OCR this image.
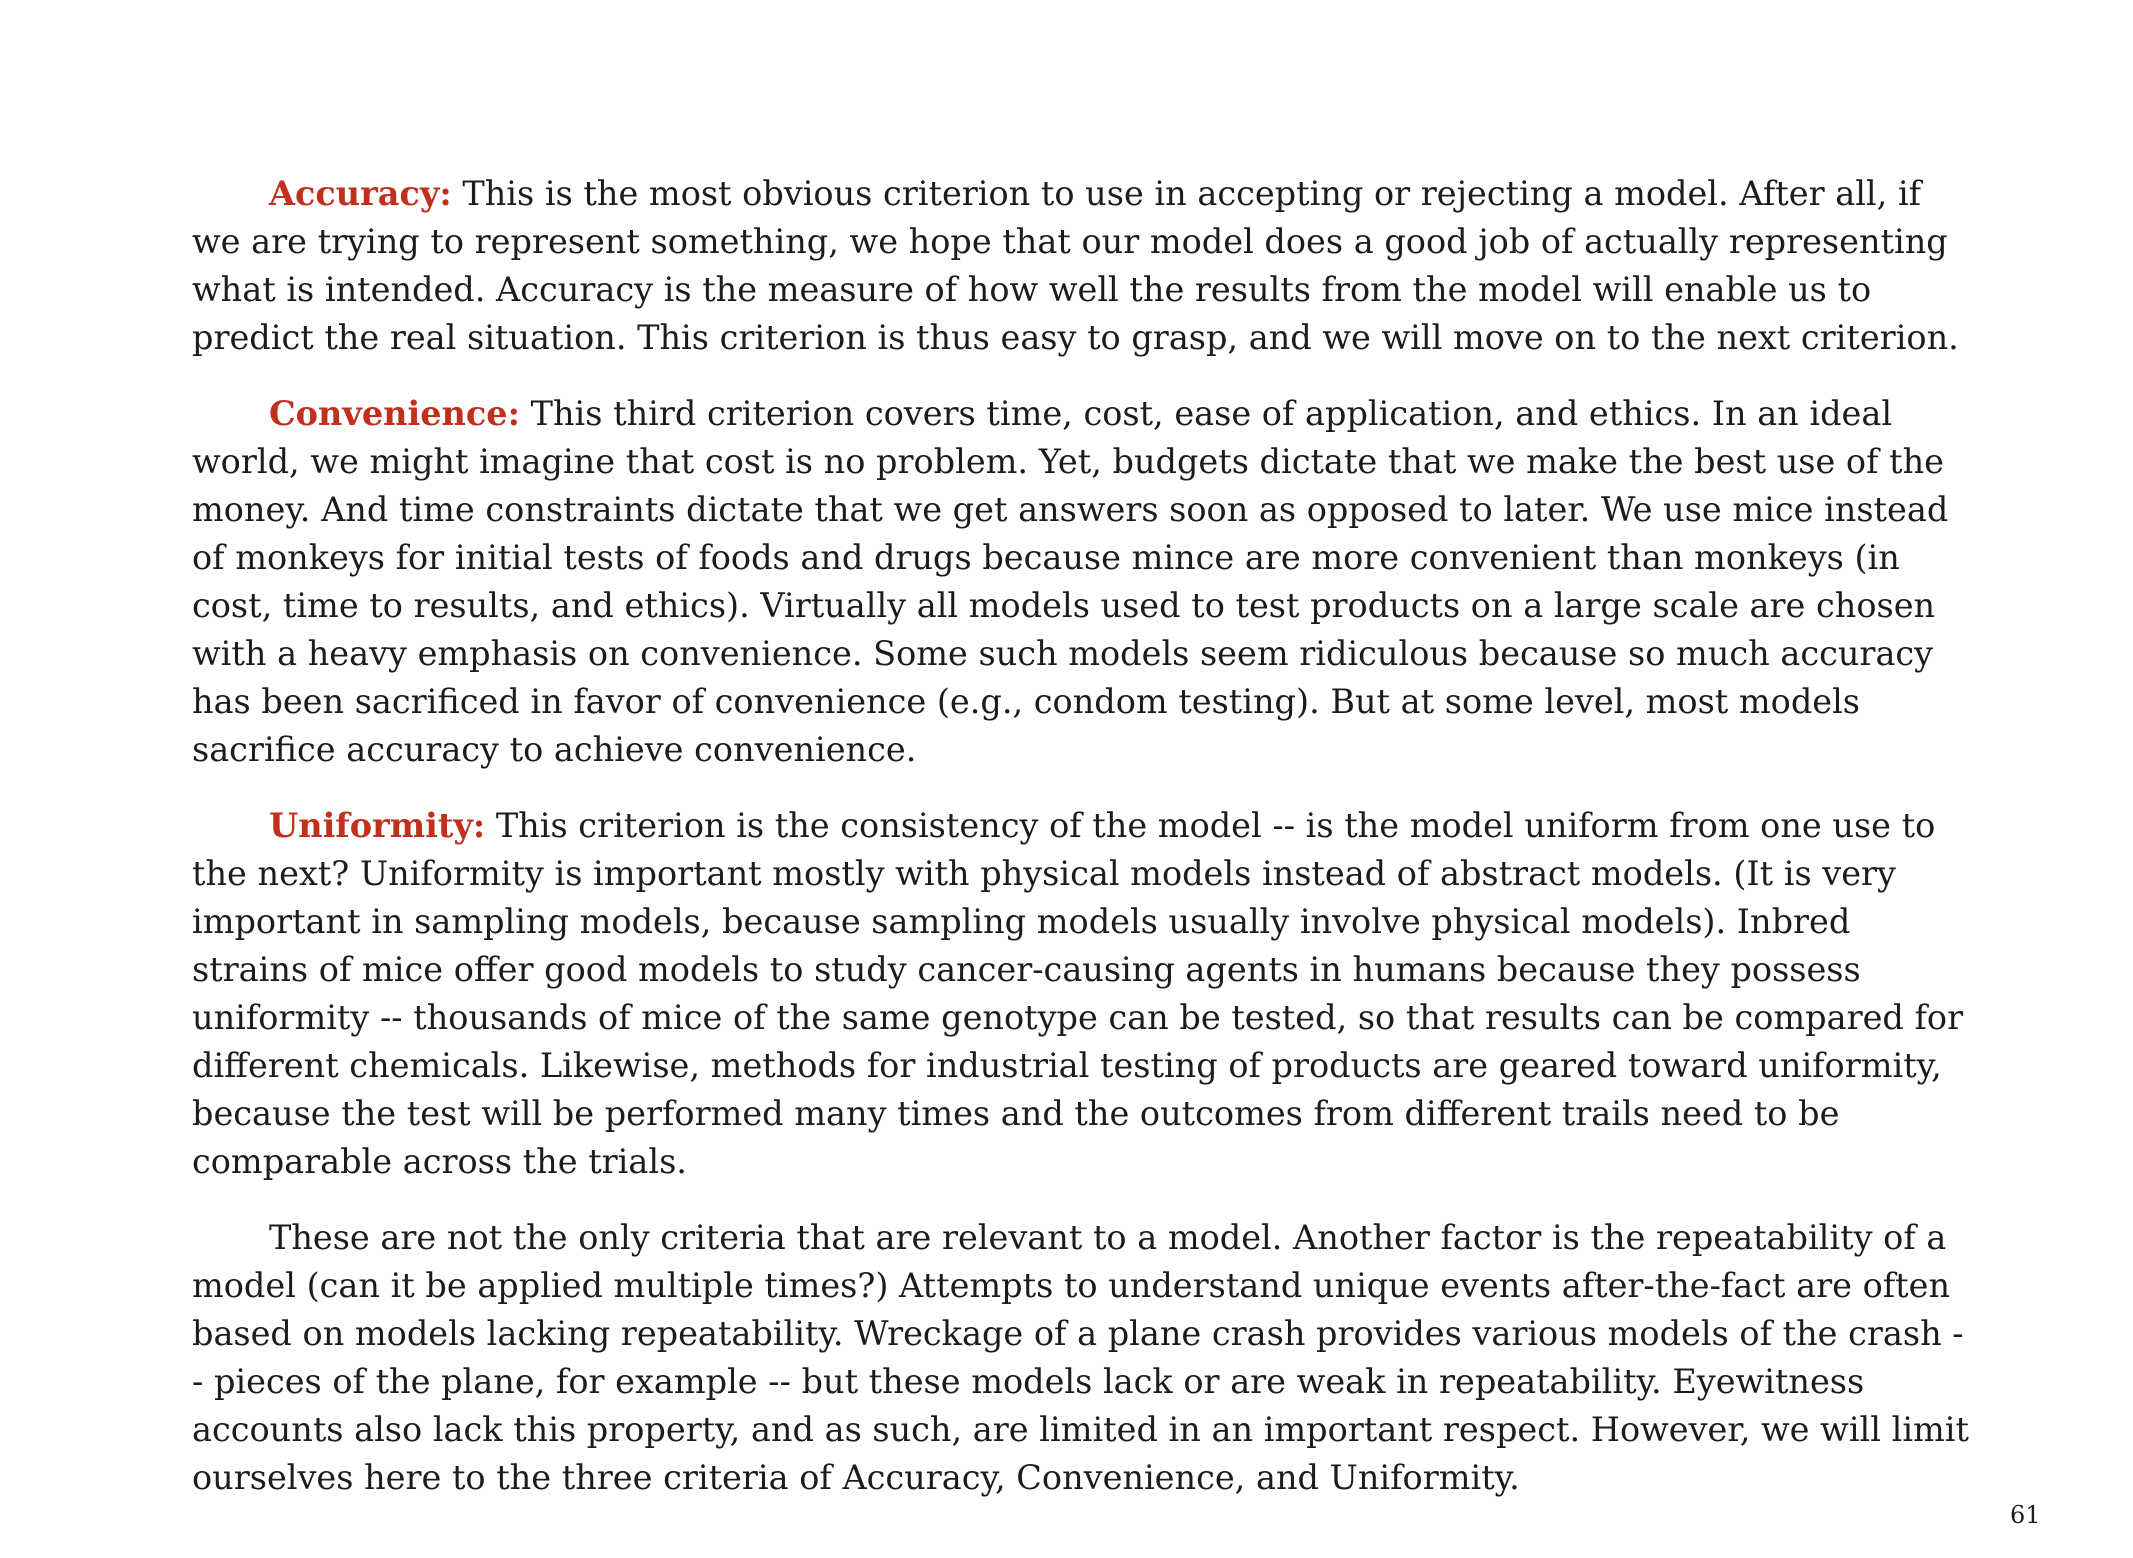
Accuracy: This is the most obvious criterion to use in accepting or rejecting a model. After all, if we are trying to represent something, we hope that our model does a good job of actually representing what is intended. Accuracy is the measure of how well the results from the model will enable us to predict the real situation. This criterion is thus easy to grasp, and we will move on to the next criterion.

Convenience: This third criterion covers time, cost, ease of application, and ethics. In an ideal world, we might imagine that cost is no problem. Yet, budgets dictate that we make the best use of the money. And time constraints dictate that we get answers soon as opposed to later. We use mice instead of monkeys for initial tests of foods and drugs because mince are more convenient than monkeys (in cost, time to results, and ethics). Virtually all models used to test products on a large scale are chosen with a heavy emphasis on convenience. Some such models seem ridiculous because so much accuracy has been sacrificed in favor of convenience (e.g., condom testing). But at some level, most models sacrifice accuracy to achieve convenience.

Uniformity: This criterion is the consistency of the model -- is the model uniform from one use to the next? Uniformity is important mostly with physical models instead of abstract models. (It is very important in sampling models, because sampling models usually involve physical models). Inbred strains of mice offer good models to study cancer-causing agents in humans because they possess uniformity -- thousands of mice of the same genotype can be tested, so that results can be compared for different chemicals. Likewise, methods for industrial testing of products are geared toward uniformity, because the test will be performed many times and the outcomes from different trails need to be comparable across the trials.

These are not the only criteria that are relevant to a model. Another factor is the repeatability of a model (can it be applied multiple times?) Attempts to understand unique events after-the-fact are often based on models lacking repeatability. Wreckage of a plane crash provides various models of the crash -- pieces of the plane, for example -- but these models lack or are weak in repeatability. Eyewitness accounts also lack this property, and as such, are limited in an important respect. However, we will limit ourselves here to the three criteria of Accuracy, Convenience, and Uniformity.

61
